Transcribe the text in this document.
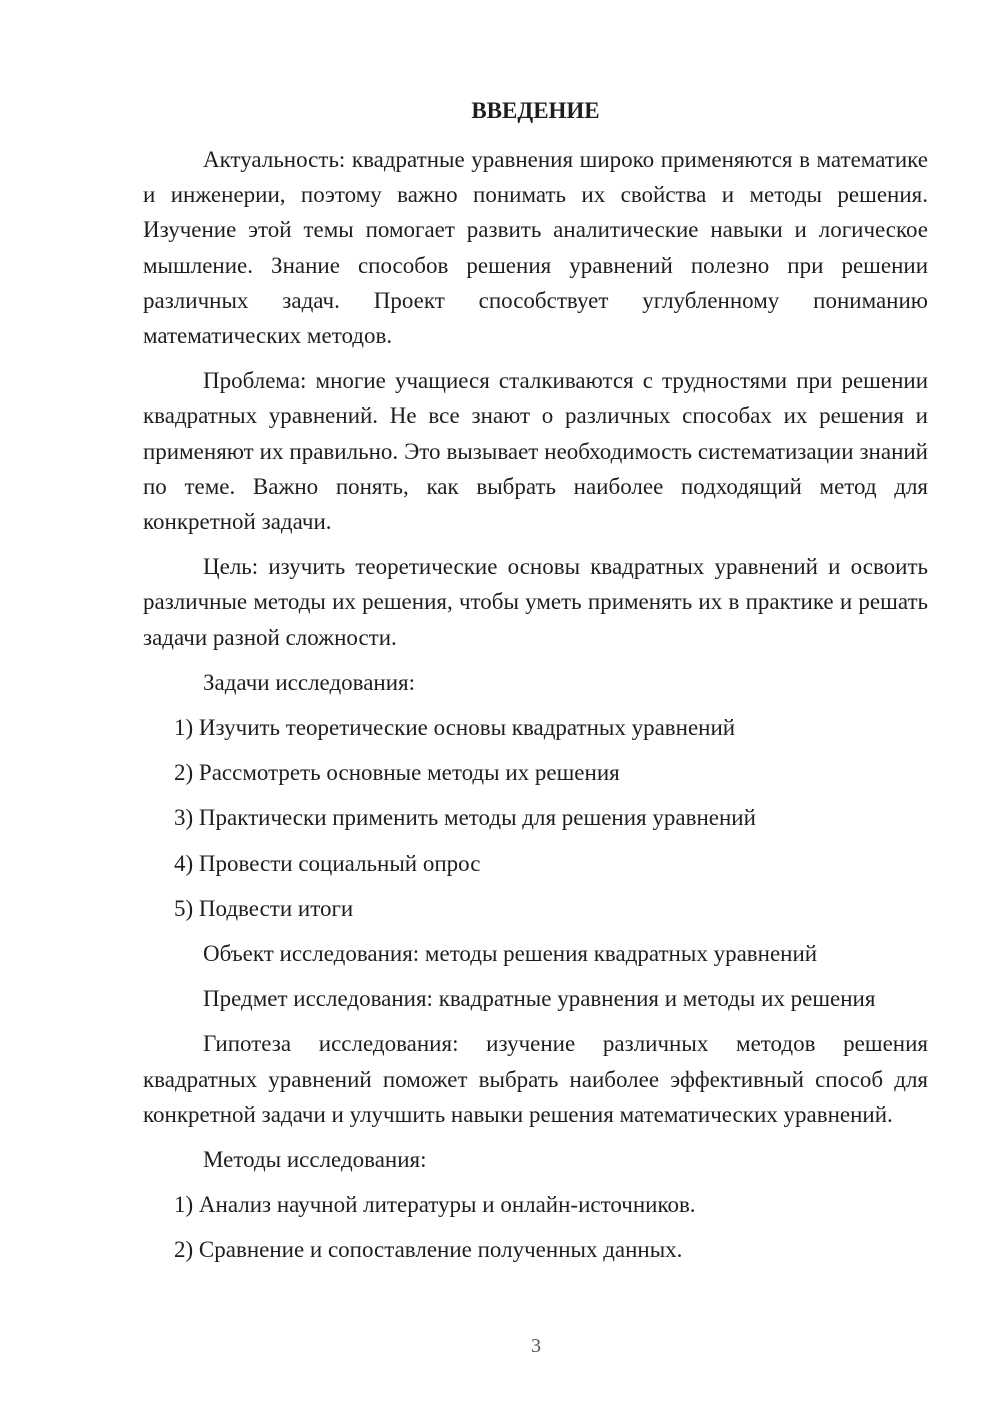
ВВЕДЕНИЕ

Актуальность: квадратные уравнения широко применяются в математике и инженерии, поэтому важно понимать их свойства и методы решения. Изучение этой темы помогает развить аналитические навыки и логическое мышление. Знание способов решения уравнений полезно при решении различных задач. Проект способствует углубленному пониманию математических методов.

Проблема: многие учащиеся сталкиваются с трудностями при решении квадратных уравнений. Не все знают о различных способах их решения и применяют их правильно. Это вызывает необходимость систематизации знаний по теме. Важно понять, как выбрать наиболее подходящий метод для конкретной задачи.

Цель: изучить теоретические основы квадратных уравнений и освоить различные методы их решения, чтобы уметь применять их в практике и решать задачи разной сложности.

Задачи исследования:

1) Изучить теоретические основы квадратных уравнений

2) Рассмотреть основные методы их решения

3) Практически применить методы для решения уравнений

4) Провести социальный опрос

5) Подвести итоги

Объект исследования: методы решения квадратных уравнений

Предмет исследования: квадратные уравнения и методы их решения

Гипотеза исследования: изучение различных методов решения квадратных уравнений поможет выбрать наиболее эффективный способ для конкретной задачи и улучшить навыки решения математических уравнений.

Методы исследования:

1) Анализ научной литературы и онлайн-источников.

2) Сравнение и сопоставление полученных данных.

3
